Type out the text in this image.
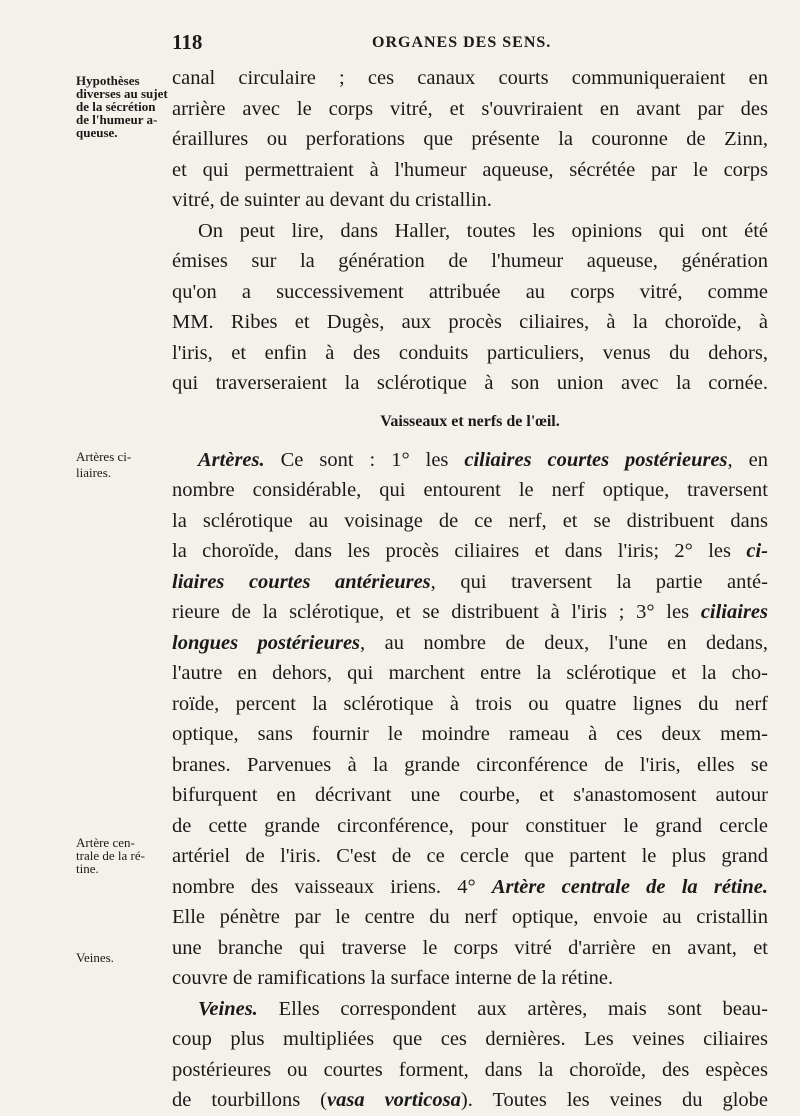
118	ORGANES DES SENS.
Hypothèses
diverses au sujet
de la sécrétion
de l'humeur a-
queuse.
Artères ci-
liaires.
Artère cen-
trale de la ré-
tine.
Veines.
canal circulaire ; ces canaux courts communiqueraient en
arrière avec le corps vitré, et s'ouvriraient en avant par des
éraillures ou perforations que présente la couronne de Zinn,
et qui permettraient à l'humeur aqueuse, sécrétée par le corps
vitré, de suinter au devant du cristallin.
On peut lire, dans Haller, toutes les opinions qui ont été
émises sur la génération de l'humeur aqueuse, génération
qu'on a successivement attribuée au corps vitré, comme
MM. Ribes et Dugès, aux procès ciliaires, à la choroïde, à
l'iris, et enfin à des conduits particuliers, venus du dehors,
qui traverseraient la sclérotique à son union avec la cornée.
Vaisseaux et nerfs de l'œil.
Artères. Ce sont : 1° les ciliaires courtes postérieures, en
nombre considérable, qui entourent le nerf optique, traversent
la sclérotique au voisinage de ce nerf, et se distribuent dans
la choroïde, dans les procès ciliaires et dans l'iris; 2° les ci-
liaires courtes antérieures, qui traversent la partie anté-
rieure de la sclérotique, et se distribuent à l'iris ; 3° les ciliaires
longues postérieures, au nombre de deux, l'une en dedans,
l'autre en dehors, qui marchent entre la sclérotique et la cho-
roïde, percent la sclérotique à trois ou quatre lignes du nerf
optique, sans fournir le moindre rameau à ces deux mem-
branes. Parvenues à la grande circonférence de l'iris, elles se
bifurquent en décrivant une courbe, et s'anastomosent autour
de cette grande circonférence, pour constituer le grand cercle
artériel de l'iris. C'est de ce cercle que partent le plus grand
nombre des vaisseaux iriens. 4° Artère centrale de la rétine.
Elle pénètre par le centre du nerf optique, envoie au cristallin
une branche qui traverse le corps vitré d'arrière en avant, et
couvre de ramifications la surface interne de la rétine.
Veines. Elles correspondent aux artères, mais sont beau-
coup plus multipliées que ces dernières. Les veines ciliaires
postérieures ou courtes forment, dans la choroïde, des espèces
de tourbillons (vasa vorticosa). Toutes les veines du globe
